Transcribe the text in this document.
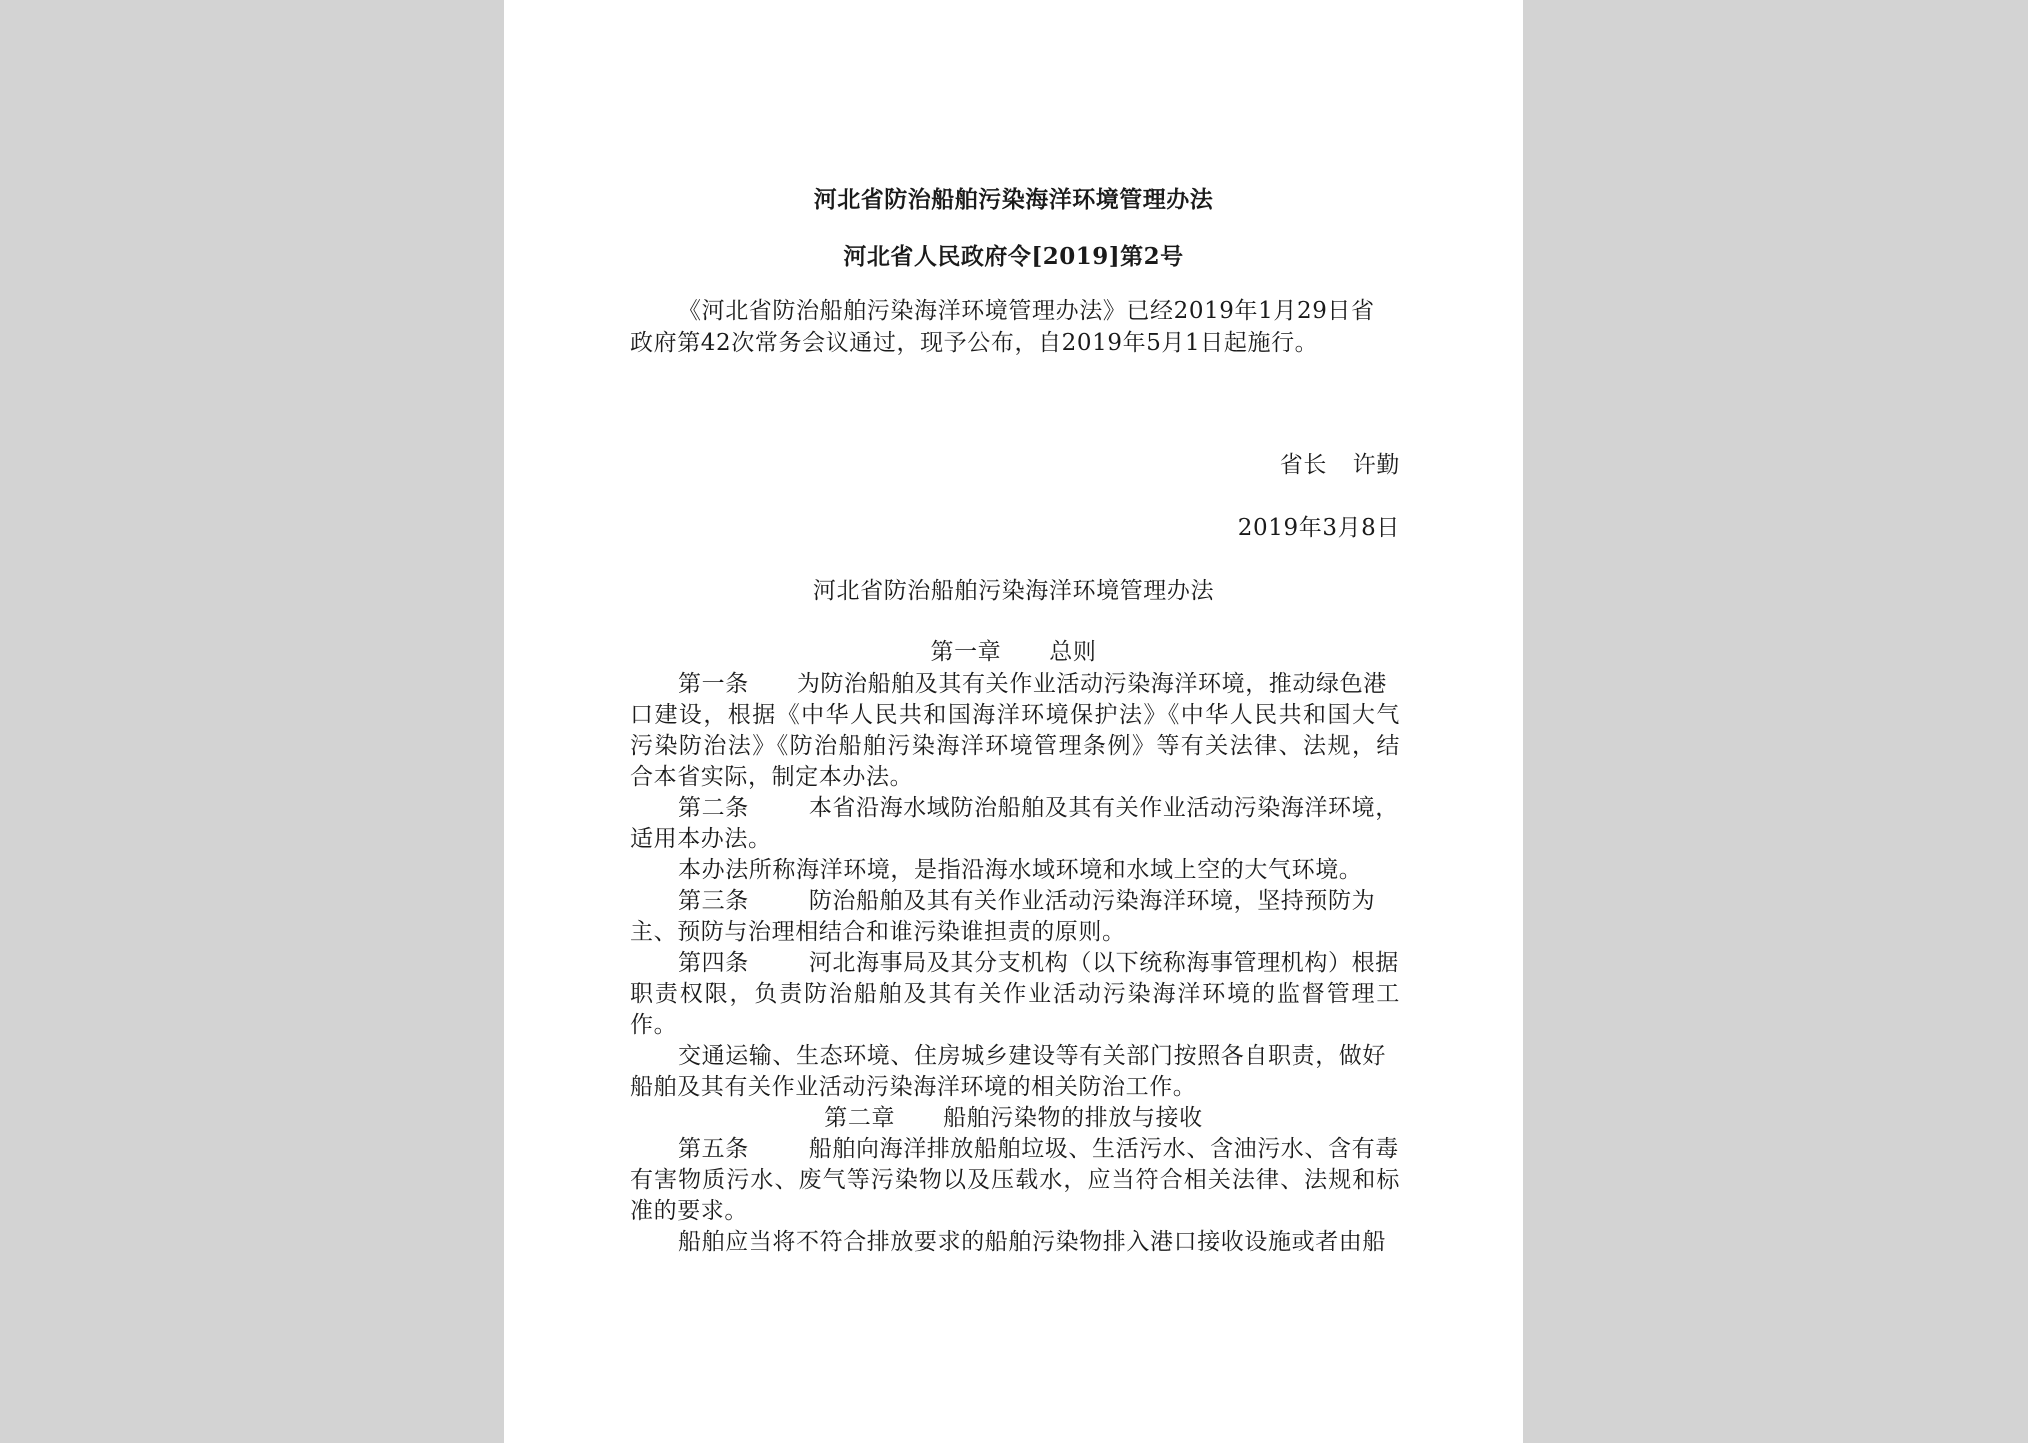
河北省防治船舶污染海洋环境管理办法
河北省人民政府令[2019]第2号
《河北省防治船舶污染海洋环境管理办法》已经2019年1月29日省
政府第42次常务会议通过，现予公布，自2019年5月1日起施行。
省长 许勤
2019年3月8日
河北省防治船舶污染海洋环境管理办法
第一章 总则
第一条 为防治船舶及其有关作业活动污染海洋环境，推动绿色港
口建设，根据《中华人民共和国海洋环境保护法》《中华人民共和国大气
污染防治法》《防治船舶污染海洋环境管理条例》等有关法律、法规，结
合本省实际，制定本办法。
第二条	本省沿海水域防治船舶及其有关作业活动污染海洋环境，
适用本办法。
本办法所称海洋环境，是指沿海水域环境和水域上空的大气环境。
第三条	防治船舶及其有关作业活动污染海洋环境，坚持预防为
主、预防与治理相结合和谁污染谁担责的原则。
第四条	河北海事局及其分支机构（以下统称海事管理机构）根据
职责权限，负责防治船舶及其有关作业活动污染海洋环境的监督管理工
作。
交通运输、生态环境、住房城乡建设等有关部门按照各自职责，做好
船舶及其有关作业活动污染海洋环境的相关防治工作。
第二章 船舶污染物的排放与接收
第五条	船舶向海洋排放船舶垃圾、生活污水、含油污水、含有毒
有害物质污水、废气等污染物以及压载水，应当符合相关法律、法规和标
准的要求。
船舶应当将不符合排放要求的船舶污染物排入港口接收设施或者由船
